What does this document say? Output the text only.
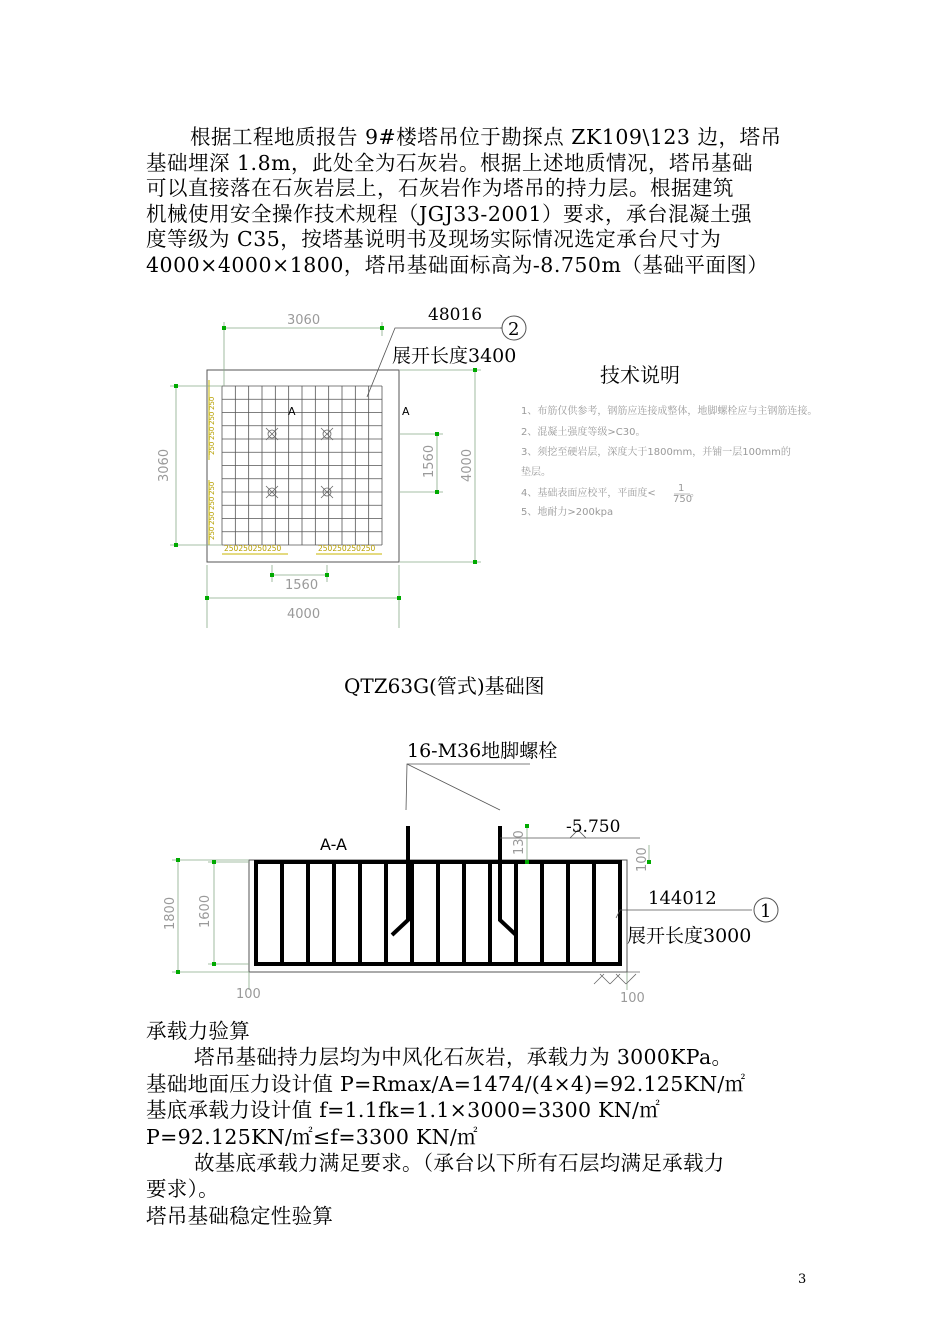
根据工程地质报告 9#楼塔吊位于勘探点 ZK109\123 边，塔吊
基础埋深 1.8m，此处全为石灰岩。根据上述地质情况，塔吊基础
可以直接落在石灰岩层上，石灰岩作为塔吊的持力层。根据建筑
机械使用安全操作技术规程（JGJ33-2001）要求，承台混凝土强
度等级为 C35，按塔基说明书及现场实际情况选定承台尺寸为
4000×4000×1800，塔吊基础面标高为-8.750m（基础平面图）
A	A
250
250
250
250
250
250
250
250
250250250250	250250250250
3060
3060	1560 4000
1560
4000
2
48016
展开长度3400
技术说明
1、布筋仅供参考，钢筋应连接成整体，地脚螺栓应与主钢筋连接。
2、混凝土强度等级>C30。
3、须挖至硬岩层，深度大于1800mm，并铺一层100mm的
垫层。
4、基础表面应校平，平面度< 1
750
。
5、地耐力>200kpa
QTZ63G(管式)基础图
16-M36地脚螺栓
A-A
-5.750
130
100
1800 1600
100	100
1
144012
展开长度3000
承载力验算
塔吊基础持力层均为中风化石灰岩，承载力为 3000KPa。
基础地面压力设计值 P=Rmax/A=1474/(4×4)=92.125KN/㎡
基底承载力设计值 f=1.1fk=1.1×3000=3300 KN/㎡
P=92.125KN/㎡≤f=3300 KN/㎡
故基底承载力满足要求。（承台以下所有石层均满足承载力
要求）。
塔吊基础稳定性验算
3
